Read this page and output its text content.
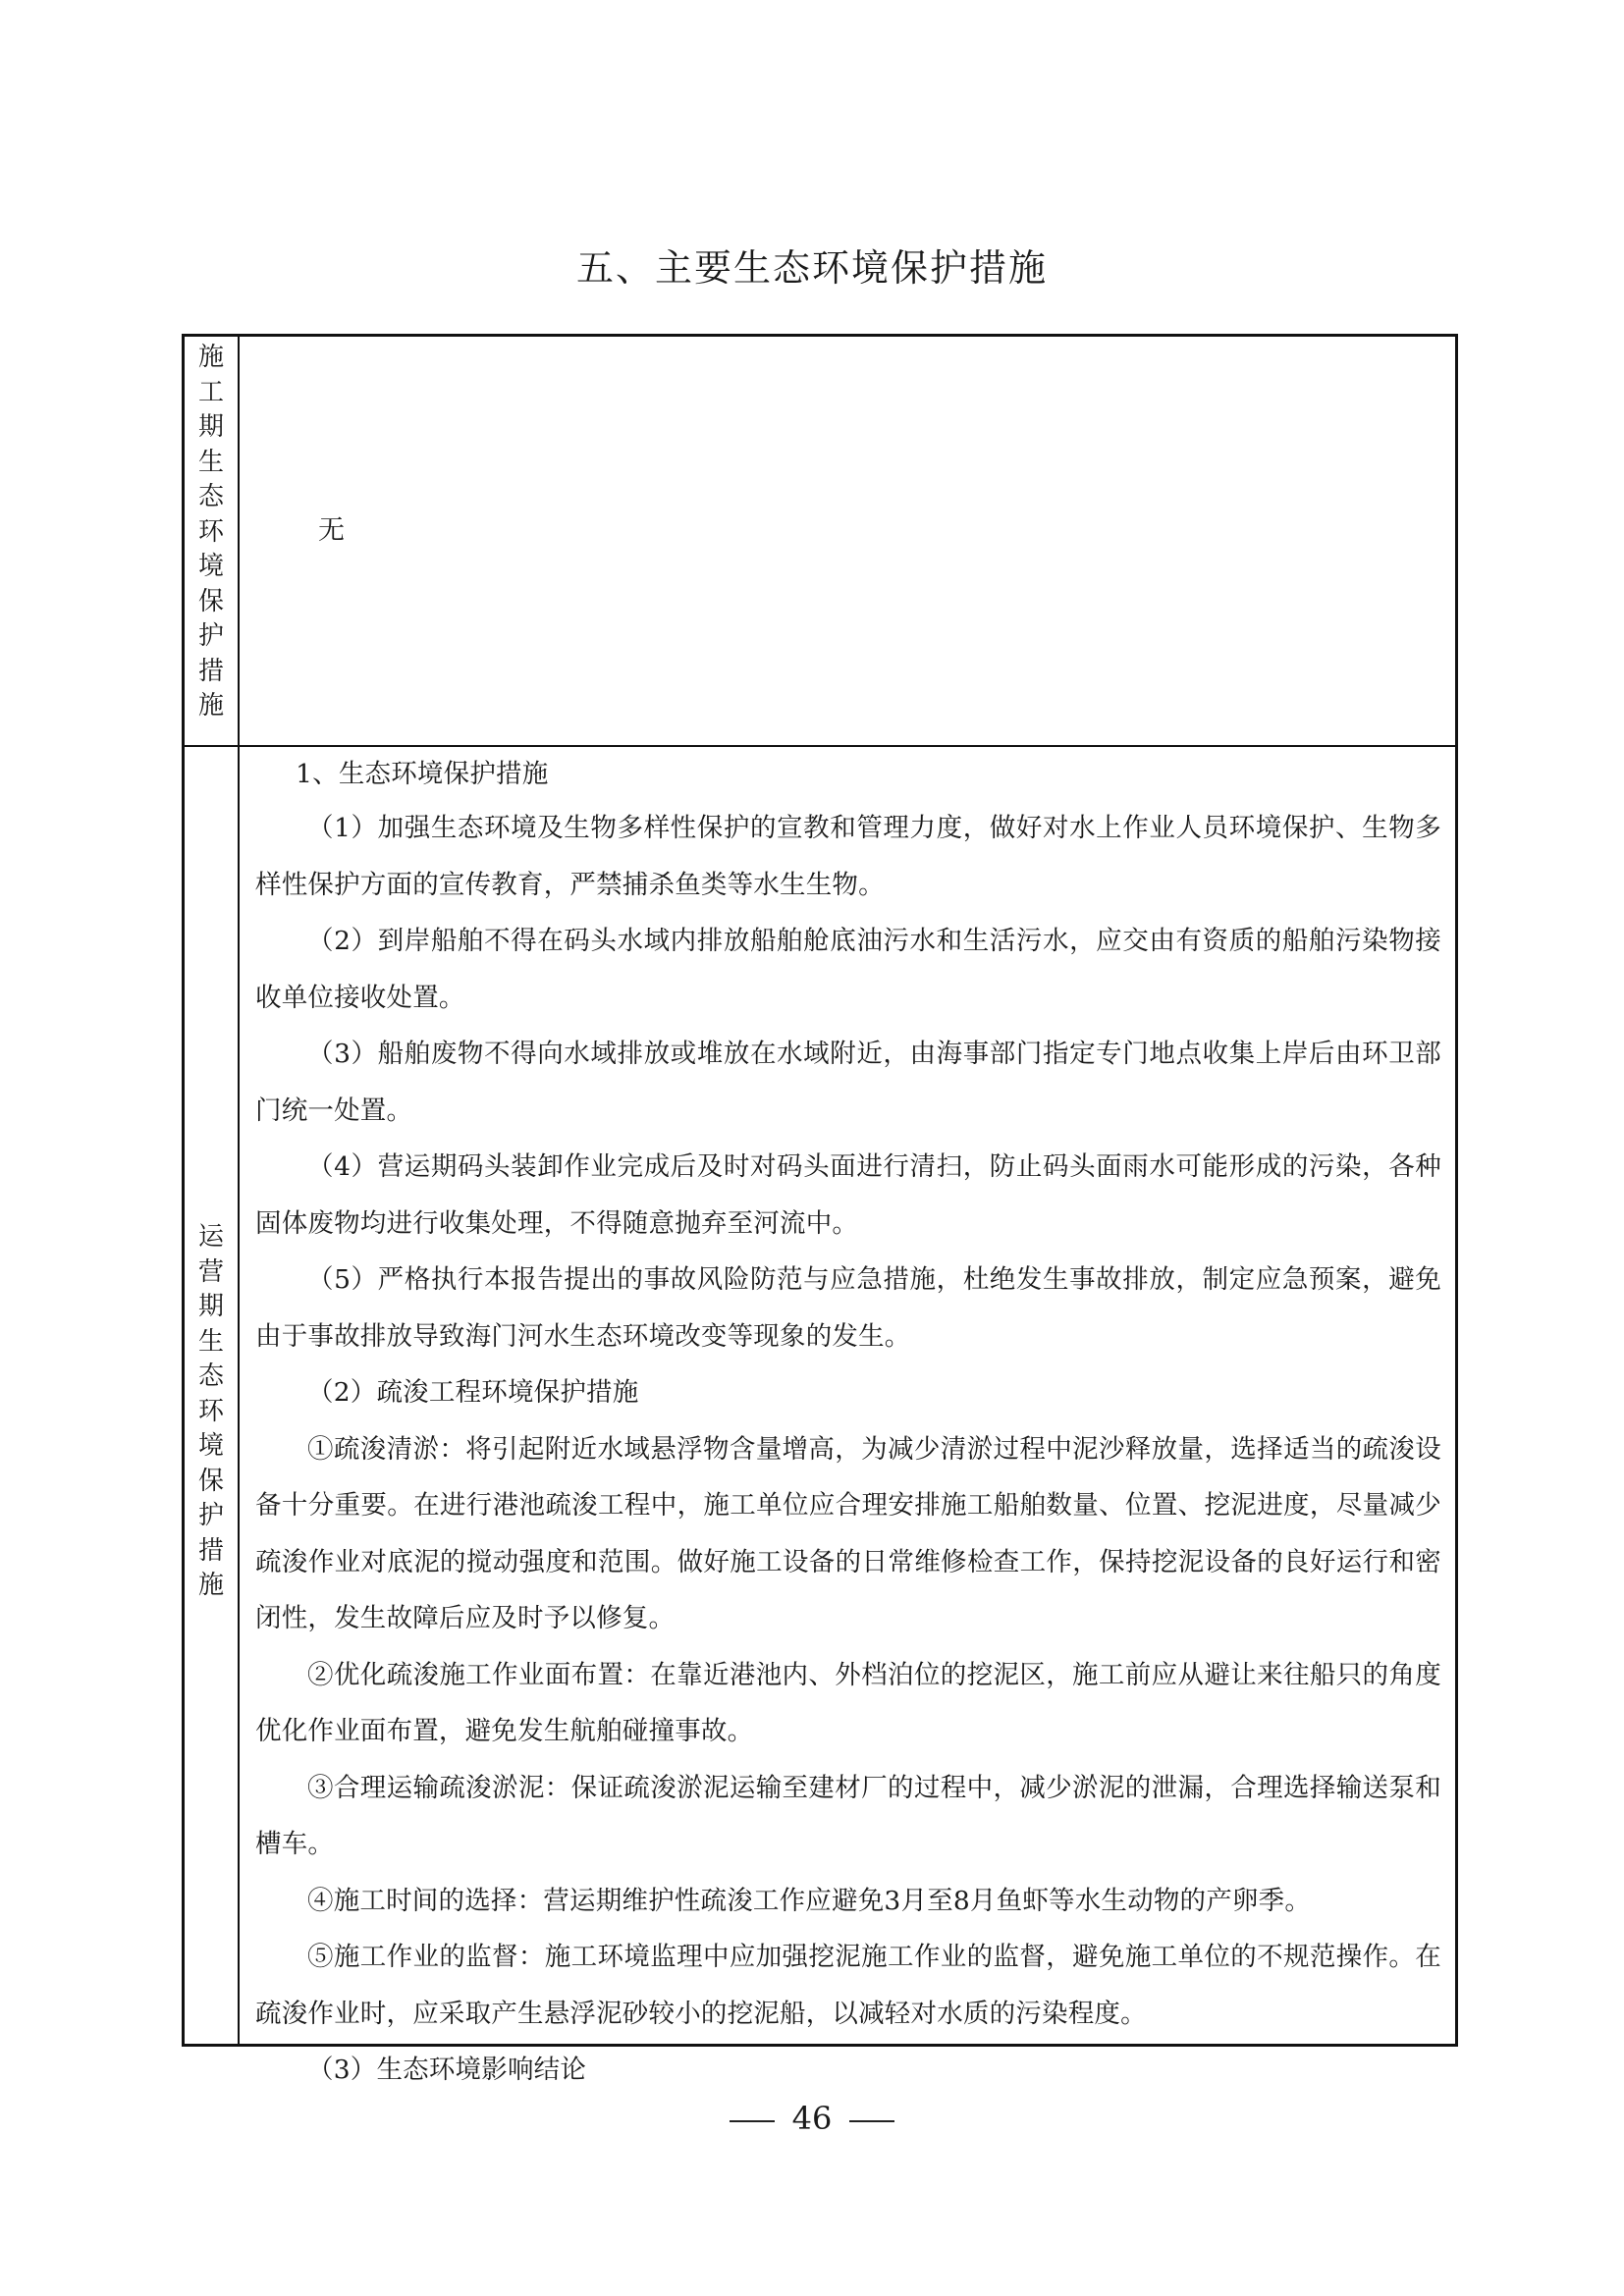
五、主要生态环境保护措施
施
工
期
生
态
环
境
保
护
措
施
无
运
营
期
生
态
环
境
保
护
措
施

1、生态环境保护措施

（1）加强生态环境及生物多样性保护的宣教和管理力度，做好对水上作业人员环境保护、生物多样性保护方面的宣传教育，严禁捕杀鱼类等水生生物。

（2）到岸船舶不得在码头水域内排放船舶舱底油污水和生活污水，应交由有资质的船舶污染物接收单位接收处置。

（3）船舶废物不得向水域排放或堆放在水域附近，由海事部门指定专门地点收集上岸后由环卫部门统一处置。

（4）营运期码头装卸作业完成后及时对码头面进行清扫，防止码头面雨水可能形成的污染，各种固体废物均进行收集处理，不得随意抛弃至河流中。

（5）严格执行本报告提出的事故风险防范与应急措施，杜绝发生事故排放，制定应急预案，避免由于事故排放导致海门河水生态环境改变等现象的发生。

（2）疏浚工程环境保护措施

①疏浚清淤：将引起附近水域悬浮物含量增高，为减少清淤过程中泥沙释放量，选择适当的疏浚设备十分重要。在进行港池疏浚工程中，施工单位应合理安排施工船舶数量、位置、挖泥进度，尽量减少疏浚作业对底泥的搅动强度和范围。做好施工设备的日常维修检查工作，保持挖泥设备的良好运行和密闭性，发生故障后应及时予以修复。

②优化疏浚施工作业面布置：在靠近港池内、外档泊位的挖泥区，施工前应从避让来往船只的角度优化作业面布置，避免发生航舶碰撞事故。

③合理运输疏浚淤泥：保证疏浚淤泥运输至建材厂的过程中，减少淤泥的泄漏，合理选择输送泵和槽车。

④施工时间的选择：营运期维护性疏浚工作应避免3月至8月鱼虾等水生动物的产卵季。

⑤施工作业的监督：施工环境监理中应加强挖泥施工作业的监督，避免施工单位的不规范操作。在疏浚作业时，应采取产生悬浮泥砂较小的挖泥船，以减轻对水质的污染程度。

（3）生态环境影响结论

46
